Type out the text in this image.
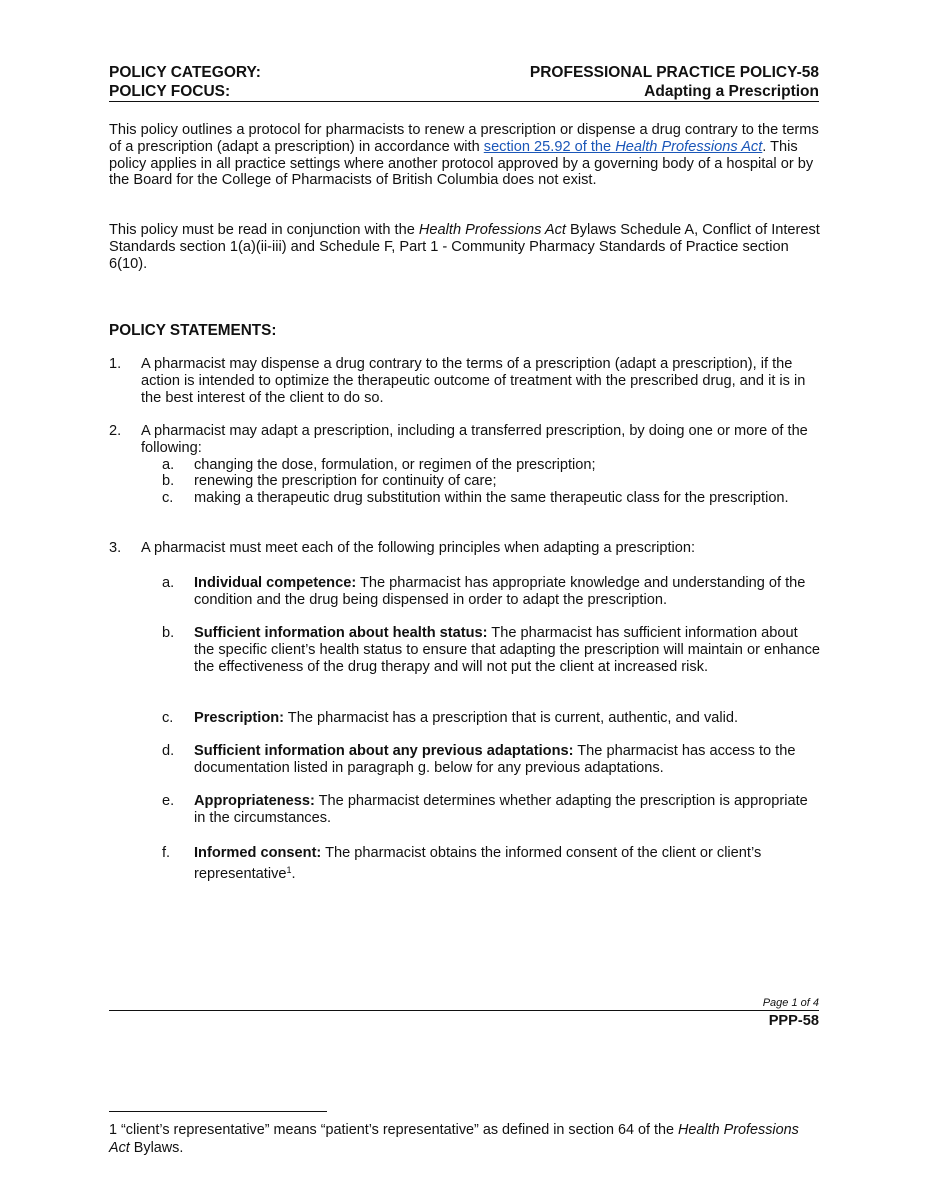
POLICY CATEGORY:	PROFESSIONAL PRACTICE POLICY-58
POLICY FOCUS:	Adapting a Prescription
This policy outlines a protocol for pharmacists to renew a prescription or dispense a drug contrary to the terms of a prescription (adapt a prescription) in accordance with section 25.92 of the Health Professions Act. This policy applies in all practice settings where another protocol approved by a governing body of a hospital or by the Board for the College of Pharmacists of British Columbia does not exist.
This policy must be read in conjunction with the Health Professions Act Bylaws Schedule A, Conflict of Interest Standards section 1(a)(ii-iii) and Schedule F, Part 1 - Community Pharmacy Standards of Practice section 6(10).
POLICY STATEMENTS:
1. A pharmacist may dispense a drug contrary to the terms of a prescription (adapt a prescription), if the action is intended to optimize the therapeutic outcome of treatment with the prescribed drug, and it is in the best interest of the client to do so.
2. A pharmacist may adapt a prescription, including a transferred prescription, by doing one or more of the following:
a. changing the dose, formulation, or regimen of the prescription;
b. renewing the prescription for continuity of care;
c. making a therapeutic drug substitution within the same therapeutic class for the prescription.
3. A pharmacist must meet each of the following principles when adapting a prescription:
a. Individual competence: The pharmacist has appropriate knowledge and understanding of the condition and the drug being dispensed in order to adapt the prescription.
b. Sufficient information about health status: The pharmacist has sufficient information about the specific client’s health status to ensure that adapting the prescription will maintain or enhance the effectiveness of the drug therapy and will not put the client at increased risk.
c. Prescription: The pharmacist has a prescription that is current, authentic, and valid.
d. Sufficient information about any previous adaptations: The pharmacist has access to the documentation listed in paragraph g. below for any previous adaptations.
e. Appropriateness: The pharmacist determines whether adapting the prescription is appropriate in the circumstances.
f. Informed consent: The pharmacist obtains the informed consent of the client or client’s representative$^1$.
Page 1 of 4
PPP-58
1 “client’s representative” means “patient’s representative” as defined in section 64 of the Health Professions Act Bylaws.
